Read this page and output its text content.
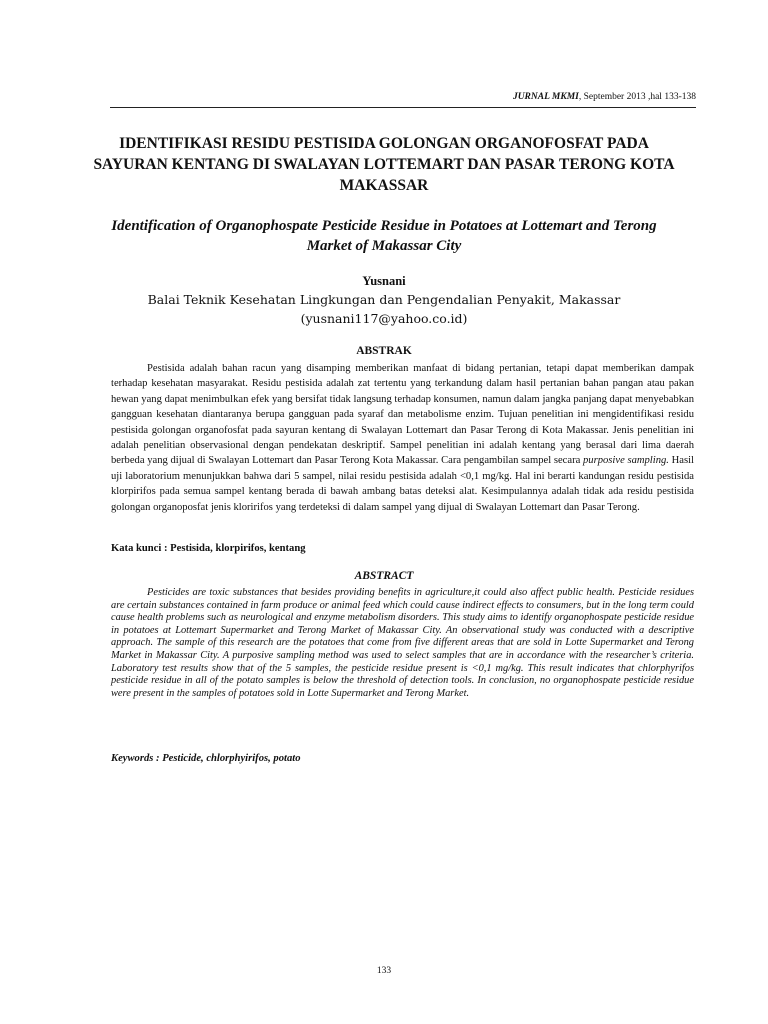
JURNAL MKMI, September 2013 ,hal 133-138
IDENTIFIKASI RESIDU PESTISIDA GOLONGAN ORGANOFOSFAT PADA SAYURAN KENTANG DI SWALAYAN LOTTEMART DAN PASAR TERONG KOTA MAKASSAR
Identification of Organophospate Pesticide Residue in Potatoes at Lottemart and Terong Market of Makassar City
Yusnani
Balai Teknik Kesehatan Lingkungan dan Pengendalian Penyakit, Makassar
(yusnani117@yahoo.co.id)
ABSTRAK

Pestisida adalah bahan racun yang disamping memberikan manfaat di bidang pertanian, tetapi dapat memberikan dampak terhadap kesehatan masyarakat. Residu pestisida adalah zat tertentu yang terkandung dalam hasil pertanian bahan pangan atau pakan hewan yang dapat menimbulkan efek yang bersifat tidak langsung terhadap konsumen, namun dalam jangka panjang dapat menyebabkan gangguan kesehatan diantaranya berupa gangguan pada syaraf dan metabolisme enzim. Tujuan penelitian ini mengidentifikasi residu pestisida golongan organofosfat pada sayuran kentang di Swalayan Lottemart dan Pasar Terong di Kota Makassar. Jenis penelitian ini adalah penelitian observasional dengan pendekatan deskriptif. Sampel penelitian ini adalah kentang yang berasal dari lima daerah berbeda yang dijual di Swalayan Lottemart dan Pasar Terong Kota Makassar. Cara pengambilan sampel secara purposive sampling. Hasil uji laboratorium menunjukkan bahwa dari 5 sampel, nilai residu pestisida adalah <0,1 mg/kg. Hal ini berarti kandungan residu pestisida klorpirifos pada semua sampel kentang berada di bawah ambang batas deteksi alat. Kesimpulannya adalah tidak ada residu pestisida golongan organoposfat jenis kloririfos yang terdeteksi di dalam sampel yang dijual di Swalayan Lottemart dan Pasar Terong.

Kata kunci : Pestisida, klorpirifos, kentang
ABSTRACT

Pesticides are toxic substances that besides providing benefits in agriculture,it could also affect public health. Pesticide residues are certain substances contained in farm produce or animal feed which could cause indirect effects to consumers, but in the long term could cause health problems such as neurological and enzyme metabolism disorders. This study aims to identify organophospate pesticide residue in potatoes at Lottemart Supermarket and Terong Market of Makassar City. An observational study was conducted with a descriptive approach. The sample of this research are the potatoes that come from five different areas that are sold in Lotte Supermarket and Terong Market in Makassar City. A purposive sampling method was used to select samples that are in accordance with the researcher’s criteria. Laboratory test results show that of the 5 samples, the pesticide residue present is <0,1 mg/kg. This result indicates that chlorphyrifos pesticide residue in all of the potato samples is below the threshold of detection tools. In conclusion, no organophospate pesticide residue were present in the samples of potatoes sold in Lotte Supermarket and Terong Market.

Keywords : Pesticide, chlorphyirifos, potato
133
